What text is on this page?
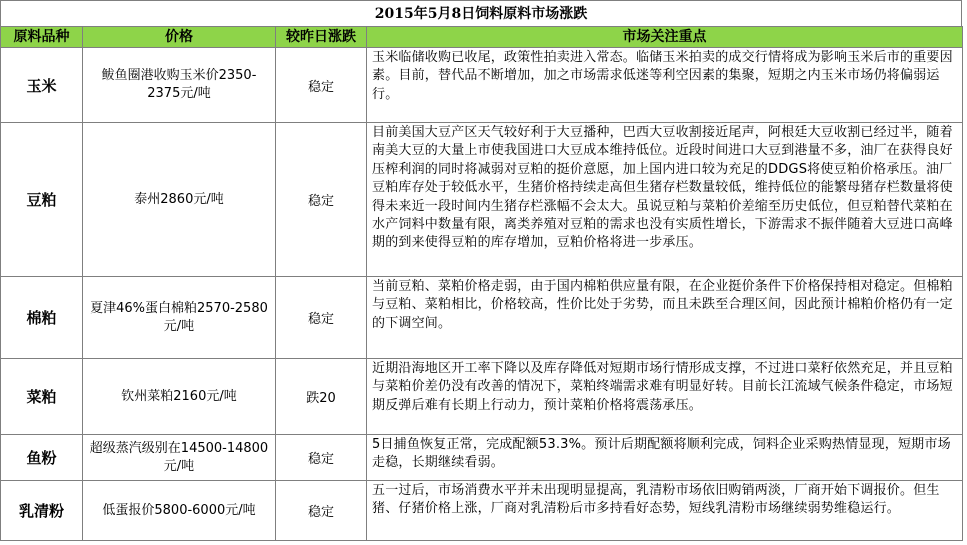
2015年5月8日饲料原料市场涨跌
原料品种	价格	较昨日涨跌	市场关注重点
玉米	鲅鱼圈港收购玉米价2350-2375元/吨	稳定	玉米临储收购已收尾，政策性拍卖进入常态。临储玉米拍卖的成交行情将成为影响玉米后市的重要因素。目前，替代品不断增加，加之市场需求低迷等利空因素的集聚，短期之内玉米市场仍将偏弱运行。
豆粕	泰州2860元/吨	稳定	目前美国大豆产区天气较好利于大豆播种，巴西大豆收割接近尾声，阿根廷大豆收割已经过半，随着南美大豆的大量上市使我国进口大豆成本维持低位。近段时间进口大豆到港量不多，油厂在获得良好压榨利润的同时将减弱对豆粕的挺价意愿，加上国内进口较为充足的DDGS将使豆粕价格承压。油厂豆粕库存处于较低水平，生猪价格持续走高但生猪存栏数量较低，维持低位的能繁母猪存栏数量将使得未来近一段时间内生猪存栏涨幅不会太大。虽说豆粕与菜粕价差缩至历史低位，但豆粕替代菜粕在水产饲料中数量有限，离类养殖对豆粕的需求也没有实质性增长，下游需求不振伴随着大豆进口高峰期的到来使得豆粕的库存增加，豆粕价格将进一步承压。
棉粕	夏津46%蛋白棉粕2570-2580元/吨	稳定	当前豆粕、菜粕价格走弱，由于国内棉粕供应量有限，在企业挺价条件下价格保持相对稳定。但棉粕与豆粕、菜粕相比，价格较高，性价比处于劣势，而且未跌至合理区间，因此预计棉粕价格仍有一定的下调空间。
菜粕	钦州菜粕2160元/吨	跌20	近期沿海地区开工率下降以及库存降低对短期市场行情形成支撑，不过进口菜籽依然充足，并且豆粕与菜粕价差仍没有改善的情况下，菜粕终端需求难有明显好转。目前长江流域气候条件稳定，市场短期反弹后难有长期上行动力，预计菜粕价格将震荡承压。
鱼粉	超级蒸汽级别在14500-14800元/吨	稳定	5日捕鱼恢复正常，完成配额53.3%。预计后期配额将顺利完成，饲料企业采购热情显现，短期市场走稳，长期继续看弱。
乳清粉	低蛋报价5800-6000元/吨	稳定	五一过后，市场消费水平并未出现明显提高，乳清粉市场依旧购销两淡，厂商开始下调报价。但生猪、仔猪价格上涨，厂商对乳清粉后市多持看好态势，短线乳清粉市场继续弱势维稳运行。
